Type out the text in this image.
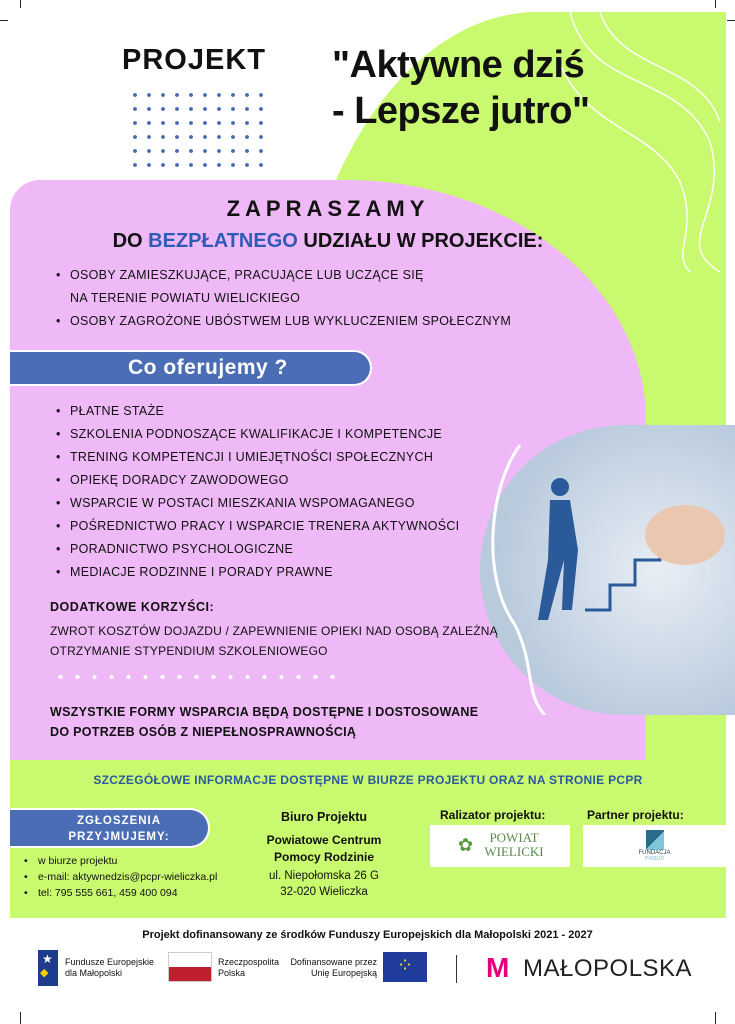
PROJEKT "Aktywne dziś
- Lepsze jutro"
ZAPRASZAMY
DO BEZPŁATNEGO UDZIAŁU W PROJEKCIE:
• OSOBY ZAMIESZKUJĄCE, PRACUJĄCE LUB UCZĄCE SIĘ
NA TERENIE POWIATU WIELICKIEGO
• OSOBY ZAGROŻONE UBÓSTWEM LUB WYKLUCZENIEM SPOŁECZNYM
Co oferujemy ?
• PŁATNE STAŻE
• SZKOLENIA PODNOSZĄCE KWALIFIKACJE I KOMPETENCJE
• TRENING KOMPETENCJI I UMIEJĘTNOŚCI SPOŁECZNYCH
• OPIEKĘ DORADCY ZAWODOWEGO
• WSPARCIE W POSTACI MIESZKANIA WSPOMAGANEGO
• POŚREDNICTWO PRACY I WSPARCIE TRENERA AKTYWNOŚCI
• PORADNICTWO PSYCHOLOGICZNE
• MEDIACJE RODZINNE I PORADY PRAWNE
DODATKOWE KORZYŚCI:
ZWROT KOSZTÓW DOJAZDU / ZAPEWNIENIE OPIEKI NAD OSOBĄ ZALEŻNĄ
OTRZYMANIE STYPENDIUM SZKOLENIOWEGO
WSZYSTKIE FORMY WSPARCIA BĘDĄ DOSTĘPNE I DOSTOSOWANE
DO POTRZEB OSÓB Z NIEPEŁNOSPRAWNOŚCIĄ
SZCZEGÓŁOWE INFORMACJE DOSTĘPNE W BIURZE PROJEKTU ORAZ NA STRONIE PCPR
ZGŁOSZENIA
PRZYJMUJEMY:
• w biurze projektu
• e-mail: aktywnedzis@pcpr-wieliczka.pl
• tel: 795 555 661, 459 400 094
Biuro Projektu
Powiatowe Centrum
Pomocy Rodzinie
ul. Niepołomska 26 G
32-020 Wieliczka
Ralizator projektu:
✿	POWIAT
WIELICKI
Partner projektu:
FUNDACJA
PRIBUD
Projekt dofinansowany ze środków Funduszy Europejskich dla Małopolski 2021 - 2027
★
◆
Fundusze Europejskie
dla Małopolski
Rzeczpospolita
Polska
Dofinansowane przez
Unię Europejską ⁘	M MAŁOPOLSKA
